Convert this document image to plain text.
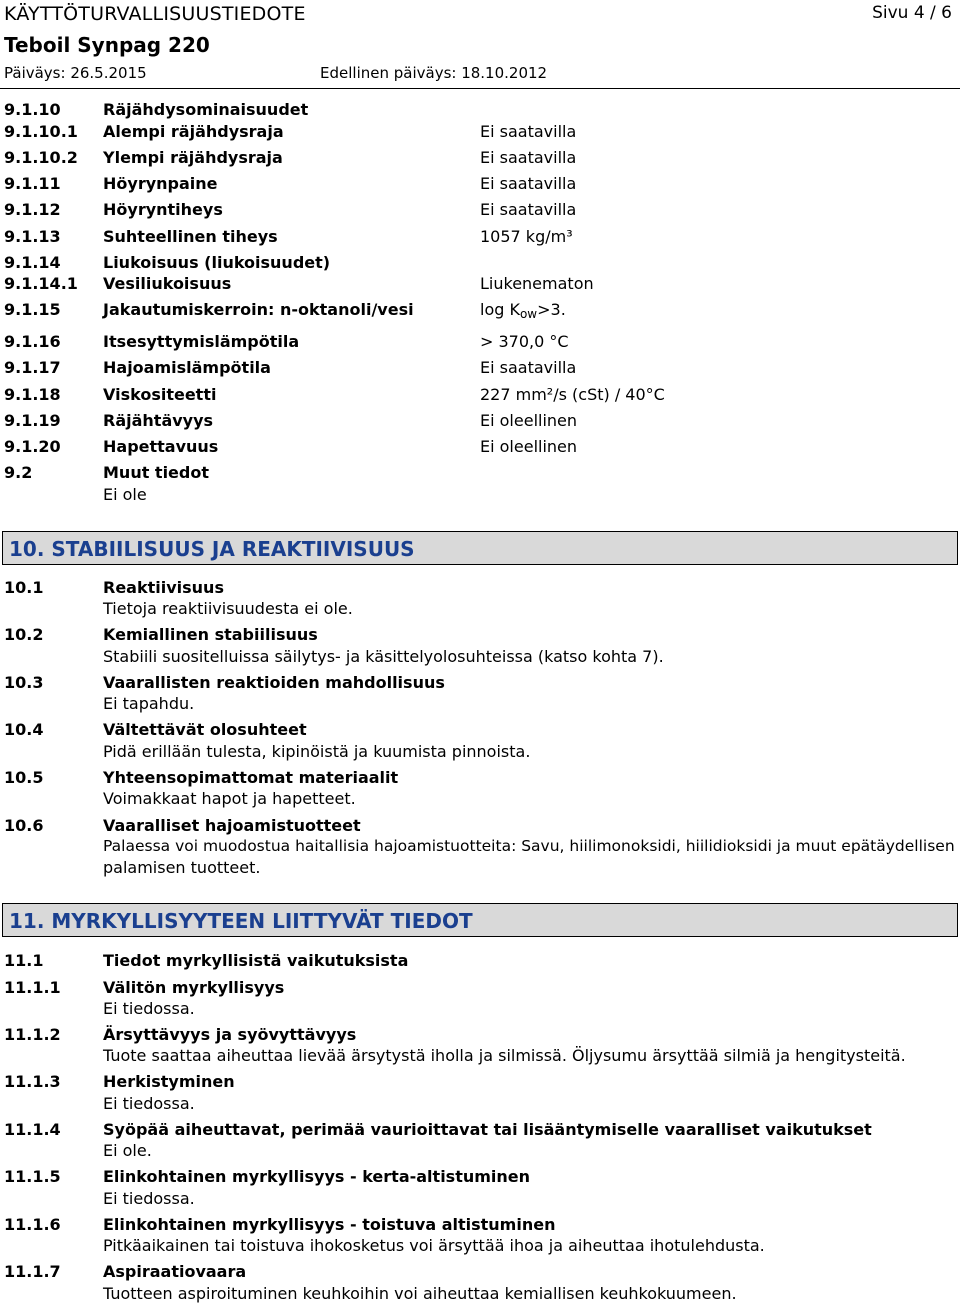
KÄYTTÖTURVALLISUUSTIEDOTE	Sivu 4 / 6
Teboil Synpag 220
Päiväys: 26.5.2015	Edellinen päiväys: 18.10.2012
9.1.10	Räjähdysominaisuudet
9.1.10.1 Alempi räjähdysraja	Ei saatavilla
9.1.10.2 Ylempi räjähdysraja	Ei saatavilla
9.1.11	Höyrynpaine	Ei saatavilla
9.1.12	Höyryntiheys	Ei saatavilla
9.1.13	Suhteellinen tiheys	1057 kg/m³
9.1.14	Liukoisuus (liukoisuudet)
9.1.14.1 Vesiliukoisuus	Liukenematon
9.1.15	Jakautumiskerroin: n-oktanoli/vesi	$\log K_{ow}>3$.
9.1.16	Itsesyttymislämpötila	> 370,0 °C
9.1.17	Hajoamislämpötila	Ei saatavilla
9.1.18	Viskositeetti	227 mm²/s (cSt) / 40°C
9.1.19	Räjähtävyys	Ei oleellinen
9.1.20	Hapettavuus	Ei oleellinen
9.2	Muut tiedot
Ei ole
10. STABIILISUUS JA REAKTIIVISUUS
10.1	Reaktiivisuus
Tietoja reaktiivisuudesta ei ole.
10.2	Kemiallinen stabiilisuus
Stabiili suositelluissa säilytys- ja käsittelyolosuhteissa (katso kohta 7).
10.3	Vaarallisten reaktioiden mahdollisuus
Ei tapahdu.
10.4	Vältettävät olosuhteet
Pidä erillään tulesta, kipinöistä ja kuumista pinnoista.
10.5	Yhteensopimattomat materiaalit
Voimakkaat hapot ja hapetteet.
10.6	Vaaralliset hajoamistuotteet
Palaessa voi muodostua haitallisia hajoamistuotteita: Savu, hiilimonoksidi, hiilidioksidi ja muut epätäydellisen
palamisen tuotteet.
11. MYRKYLLISYYTEEN LIITTYVÄT TIEDOT
11.1	Tiedot myrkyllisistä vaikutuksista
11.1.1	Välitön myrkyllisyys
Ei tiedossa.
11.1.2	Ärsyttävyys ja syövyttävyys
Tuote saattaa aiheuttaa lievää ärsytystä iholla ja silmissä. Öljysumu ärsyttää silmiä ja hengitysteitä.
11.1.3	Herkistyminen
Ei tiedossa.
11.1.4	Syöpää aiheuttavat, perimää vaurioittavat tai lisääntymiselle vaaralliset vaikutukset
Ei ole.
11.1.5	Elinkohtainen myrkyllisyys - kerta-altistuminen
Ei tiedossa.
11.1.6	Elinkohtainen myrkyllisyys - toistuva altistuminen
Pitkäaikainen tai toistuva ihokosketus voi ärsyttää ihoa ja aiheuttaa ihotulehdusta.
11.1.7	Aspiraatiovaara
Tuotteen aspiroituminen keuhkoihin voi aiheuttaa kemiallisen keuhkokuumeen.
